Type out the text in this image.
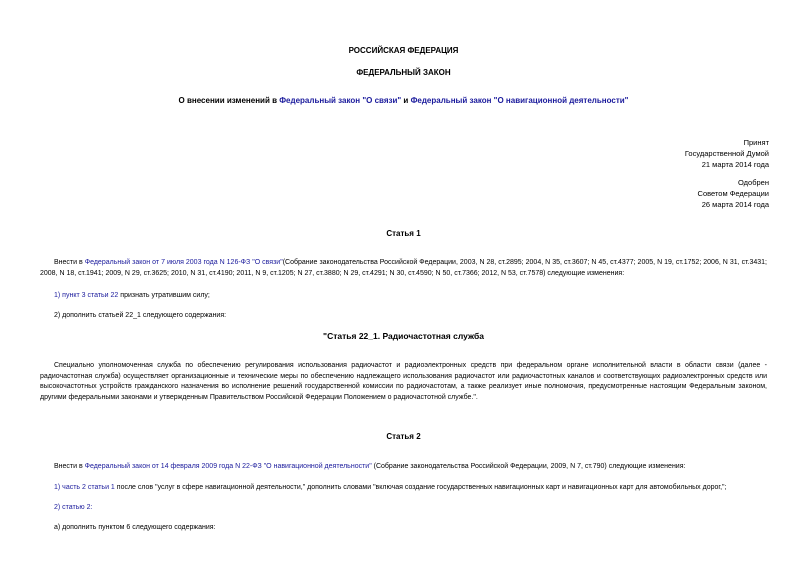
РОССИЙСКАЯ ФЕДЕРАЦИЯ
ФЕДЕРАЛЬНЫЙ ЗАКОН
О внесении изменений в Федеральный закон "О связи" и Федеральный закон "О навигационной деятельности"
Принят
Государственной Думой
21 марта 2014 года
Одобрен
Советом Федерации
26 марта 2014 года
Статья 1
Внести в Федеральный закон от 7 июля 2003 года N 126-ФЗ "О связи"(Собрание законодательства Российской Федерации, 2003, N 28, ст.2895; 2004, N 35, ст.3607; N 45, ст.4377; 2005, N 19, ст.1752; 2006, N 31, ст.3431; 2008, N 18, ст.1941; 2009, N 29, ст.3625; 2010, N 31, ст.4190; 2011, N 9, ст.1205; N 27, ст.3880; N 29, ст.4291; N 30, ст.4590; N 50, ст.7366; 2012, N 53, ст.7578) следующие изменения:
1) пункт 3 статьи 22 признать утратившим силу;
2) дополнить статьей 22_1 следующего содержания:
"Статья 22_1. Радиочастотная служба
Специально уполномоченная служба по обеспечению регулирования использования радиочастот и радиоэлектронных средств при федеральном органе исполнительной власти в области связи (далее - радиочастотная служба) осуществляет организационные и технические меры по обеспечению надлежащего использования радиочастот или радиочастотных каналов и соответствующих радиоэлектронных средств или высокочастотных устройств гражданского назначения во исполнение решений государственной комиссии по радиочастотам, а также реализует иные полномочия, предусмотренные настоящим Федеральным законом, другими федеральными законами и утвержденным Правительством Российской Федерации Положением о радиочастотной службе.".
Статья 2
Внести в Федеральный закон от 14 февраля 2009 года N 22-ФЗ "О навигационной деятельности" (Собрание законодательства Российской Федерации, 2009, N 7, ст.790) следующие изменения:
1) часть 2 статьи 1 после слов "услуг в сфере навигационной деятельности," дополнить словами "включая создание государственных навигационных карт и навигационных карт для автомобильных дорог,";
2) статью 2:
а) дополнить пунктом 6 следующего содержания:
